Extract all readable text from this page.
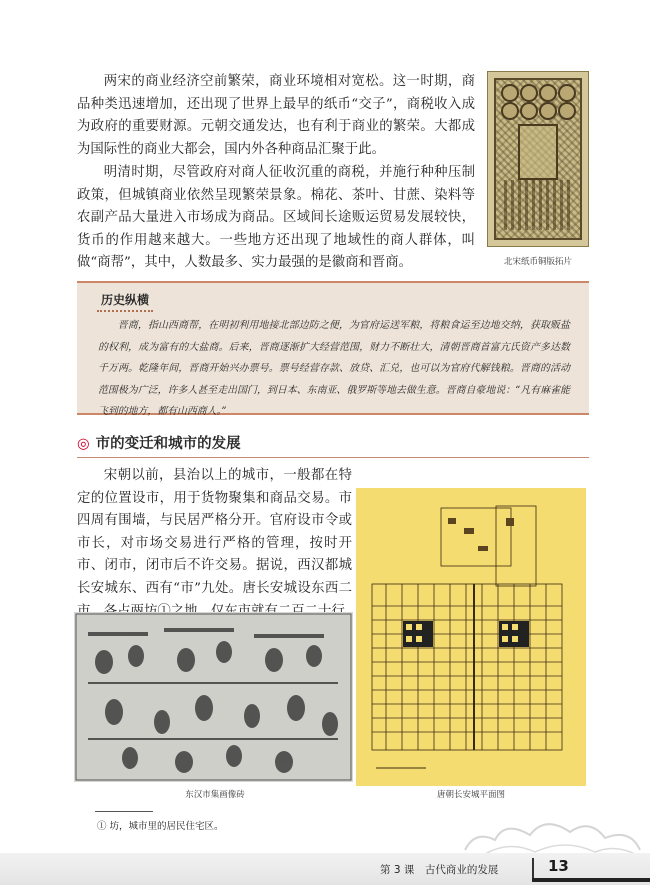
两宋的商业经济空前繁荣，商业环境相对宽松。这一时期，商品种类迅速增加，还出现了世界上最早的纸币“交子”，商税收入成为政府的重要财源。元朝交通发达，也有利于商业的繁荣。大都成为国际性的商业大都会，国内外各种商品汇聚于此。

明清时期，尽管政府对商人征收沉重的商税，并施行种种压制政策，但城镇商业依然呈现繁荣景象。棉花、茶叶、甘蔗、染料等农副产品大量进入市场成为商品。区域间长途贩运贸易发展较快，货币的作用越来越大。一些地方还出现了地域性的商人群体，叫做“商帮”，其中，人数最多、实力最强的是徽商和晋商。	北宋纸币铜版拓片
历史纵横

晋商，指山西商帮，在明初利用地接北部边防之便，为官府运送军粮，将粮食运至边地交纳，获取贩盐的权利，成为富有的大盐商。后来，晋商逐渐扩大经营范围，财力不断壮大，清朝晋商首富亢氏资产多达数千万两。乾隆年间，晋商开始兴办票号。票号经营存款、放贷、汇兑，也可以为官府代解钱粮。晋商的活动范围极为广泛，许多人甚至走出国门，到日本、东南亚、俄罗斯等地去做生意。晋商自豪地说：“凡有麻雀能飞到的地方，都有山西商人。”

◎ 市的变迁和城市的发展

宋朝以前，县治以上的城市，一般都在特定的位置设市，用于货物聚集和商品交易。市四周有围墙，与民居严格分开。官府设市令或市长，对市场交易进行严格的管理，按时开市、闭市，闭市后不许交易。据说，西汉都城长安城东、西有“市”九处。唐长安城设东西二

唐朝长安城平面图
东汉市集画像砖
① 坊，城市里的居民住宅区。
第 3 课　古代商业的发展	13
